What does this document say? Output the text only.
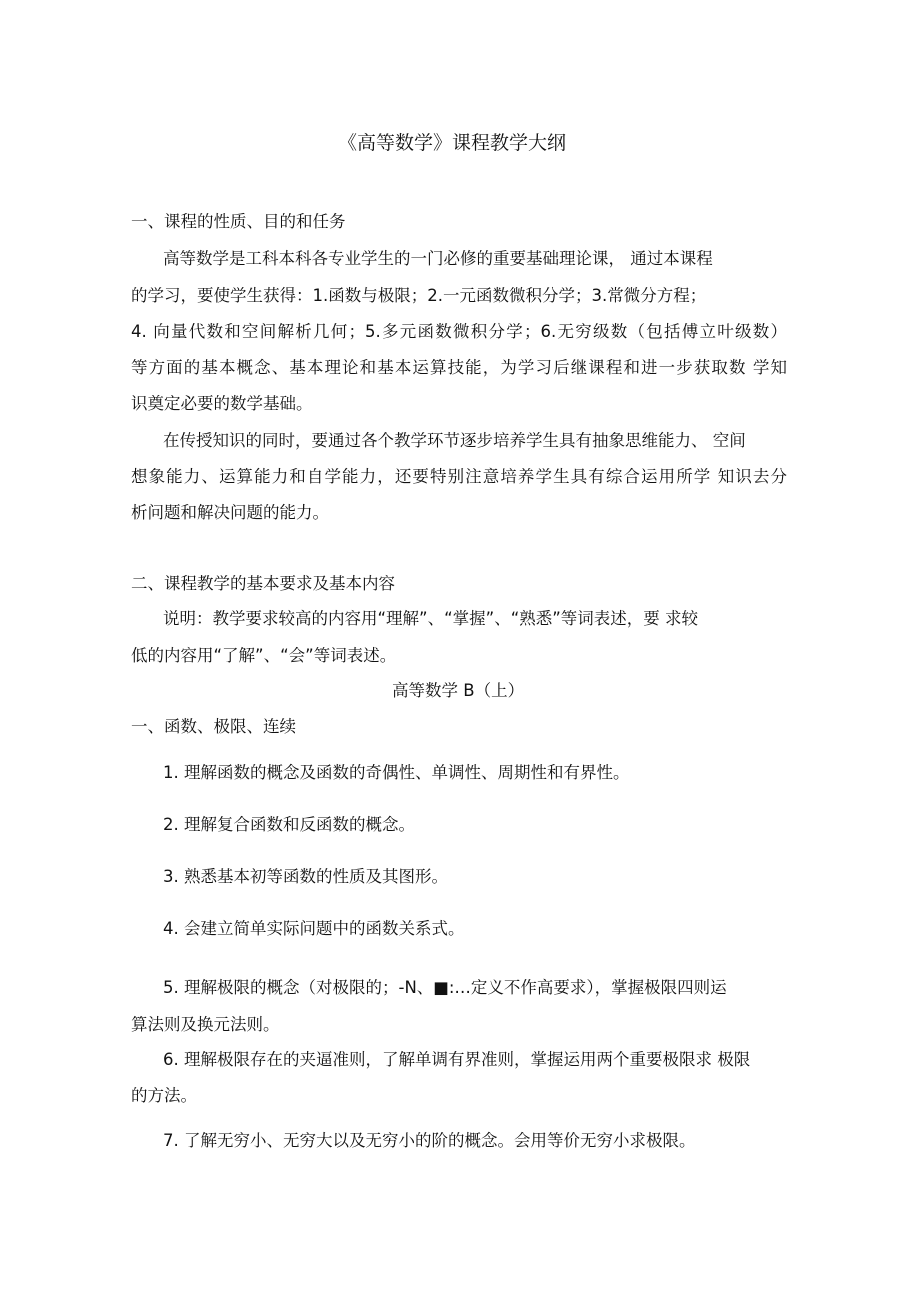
《高等数学》课程教学大纲
一、课程的性质、目的和任务
高等数学是工科本科各专业学生的一门必修的重要基础理论课， 通过本课程
的学习，要使学生获得：1.函数与极限；2.一元函数微积分学；3.常微分方程；
4. 向量代数和空间解析几何；5.多元函数微积分学；6.无穷级数（包括傅立叶级数）
等方面的基本概念、基本理论和基本运算技能，为学习后继课程和进一步获取数 学知
识奠定必要的数学基础。
在传授知识的同时，要通过各个教学环节逐步培养学生具有抽象思维能力、 空间
想象能力、运算能力和自学能力，还要特别注意培养学生具有综合运用所学 知识去分
析问题和解决问题的能力。
二、课程教学的基本要求及基本内容
说明：教学要求较高的内容用“理解”、“掌握”、“熟悉”等词表述，要 求较
低的内容用“了解”、“会”等词表述。
高等数学 B（上）
一、函数、极限、连续
1. 理解函数的概念及函数的奇偶性、单调性、周期性和有界性。
2. 理解复合函数和反函数的概念。
3. 熟悉基本初等函数的性质及其图形。
4. 会建立简单实际问题中的函数关系式。
5. 理解极限的概念（对极限的；-N、■:…定义不作高要求），掌握极限四则运
算法则及换元法则。
6. 理解极限存在的夹逼准则，了解单调有界准则，掌握运用两个重要极限求 极限
的方法。
7. 了解无穷小、无穷大以及无穷小的阶的概念。会用等价无穷小求极限。
